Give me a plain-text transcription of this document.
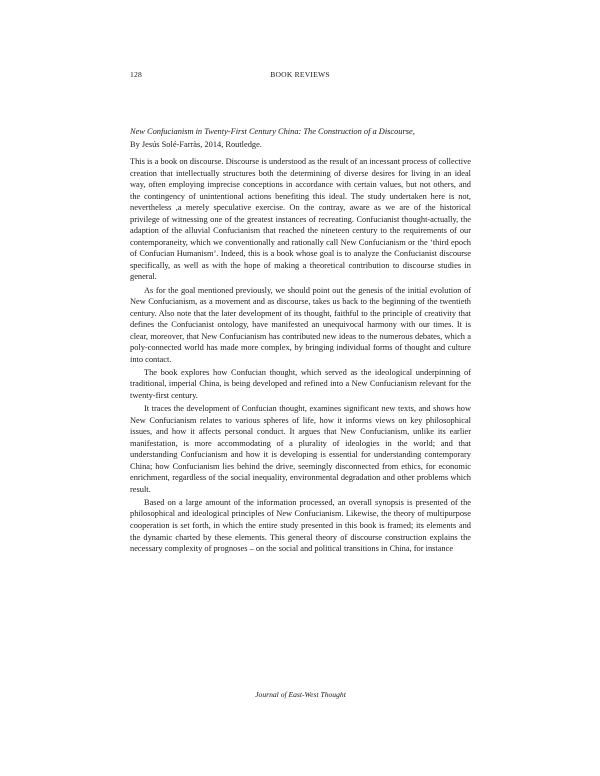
128	BOOK REVIEWS
New Confucianism in Twenty-First Century China: The Construction of a Discourse,
By Jesús Solé-Farràs, 2014, Routledge.

This is a book on discourse. Discourse is understood as the result of an incessant process of collective creation that intellectually structures both the determining of diverse desires for living in an ideal way, often employing imprecise conceptions in accordance with certain values, but not others, and the contingency of unintentional actions benefiting this ideal. The study undertaken here is not, nevertheless ,a merely speculative exercise. On the contray, aware as we are of the historical privilege of witnessing one of the greatest instances of recreating. Confucianist thought-actually, the adaption of the alluvial Confucianism that reached the nineteen century to the requirements of our contemporaneity, which we conventionally and rationally call New Confucianism or the ‘third epoch of Confucian Humanism’. Indeed, this is a book whose goal is to analyze the Confucianist discourse specifically, as well as with the hope of making a theoretical contribution to discourse studies in general.

As for the goal mentioned previously, we should point out the genesis of the initial evolution of New Confucianism, as a movement and as discourse, takes us back to the beginning of the twentieth century. Also note that the later development of its thought, faithful to the principle of creativity that defines the Confucianist ontology, have manifested an unequivocal harmony with our times. It is clear, moreover, that New Confucianism has contributed new ideas to the numerous debates, which a poly-connected world has made more complex, by bringing individual forms of thought and culture into contact.

The book explores how Confucian thought, which served as the ideological underpinning of traditional, imperial China, is being developed and refined into a New Confucianism relevant for the twenty-first century.

It traces the development of Confucian thought, examines significant new texts, and shows how New Confucianism relates to various spheres of life, how it informs views on key philosophical issues, and how it affects personal conduct. It argues that New Confucianism, unlike its earlier manifestation, is more accommodating of a plurality of ideologies in the world; and that understanding Confucianism and how it is developing is essential for understanding contemporary China; how Confucianism lies behind the drive, seemingly disconnected from ethics, for economic enrichment, regardless of the social inequality, environmental degradation and other problems which result.

Based on a large amount of the information processed, an overall synopsis is presented of the philosophical and ideological principles of New Confucianism. Likewise, the theory of multipurpose cooperation is set forth, in which the entire study presented in this book is framed; its elements and the dynamic charted by these elements. This general theory of discourse construction explains the necessary complexity of prognoses – on the social and political transitions in China, for instance

Journal of East-West Thought
